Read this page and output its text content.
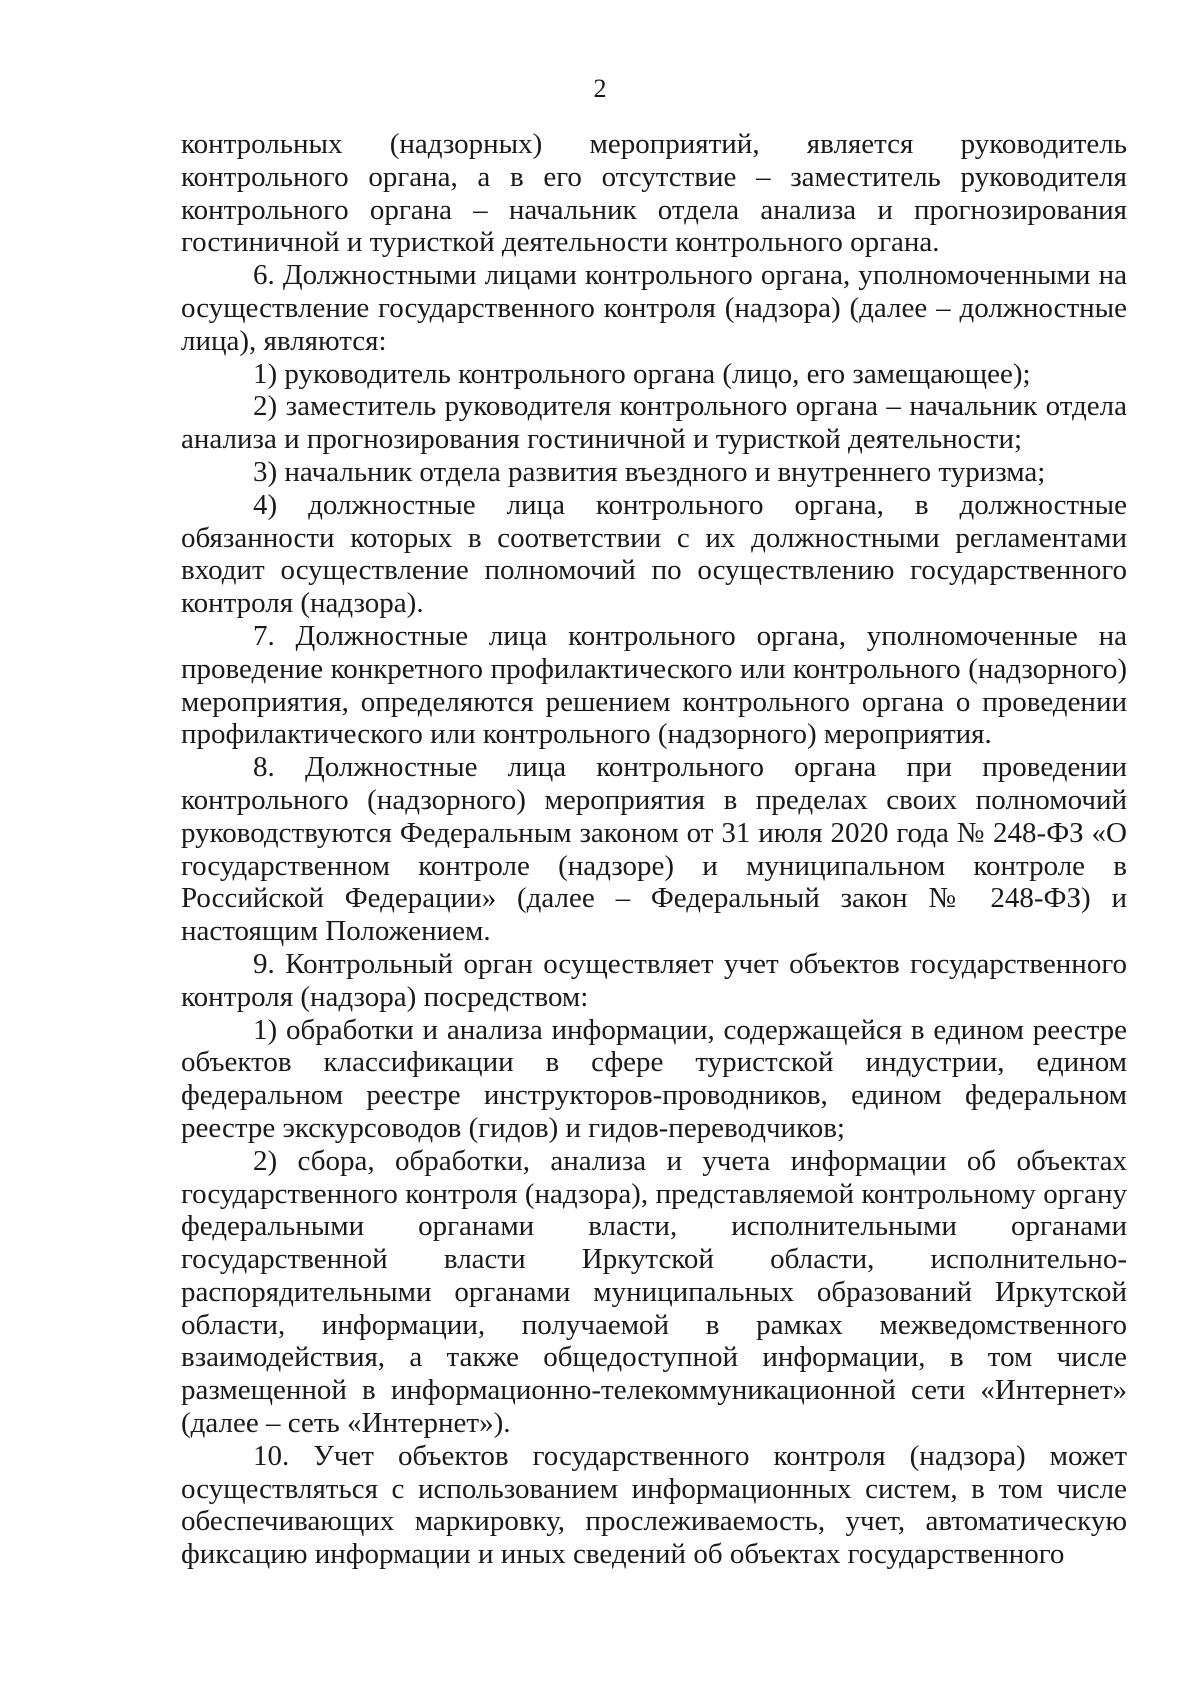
2

контрольных (надзорных) мероприятий, является руководитель контрольного органа, а в его отсутствие – заместитель руководителя контрольного органа – начальник отдела анализа и прогнозирования гостиничной и туристкой деятельности контрольного органа.

6. Должностными лицами контрольного органа, уполномоченными на осуществление государственного контроля (надзора) (далее – должностные лица), являются:

1) руководитель контрольного органа (лицо, его замещающее);

2) заместитель руководителя контрольного органа – начальник отдела анализа и прогнозирования гостиничной и туристкой деятельности;

3) начальник отдела развития въездного и внутреннего туризма;

4) должностные лица контрольного органа, в должностные обязанности которых в соответствии с их должностными регламентами входит осуществление полномочий по осуществлению государственного контроля (надзора).

7. Должностные лица контрольного органа, уполномоченные на проведение конкретного профилактического или контрольного (надзорного) мероприятия, определяются решением контрольного органа о проведении профилактического или контрольного (надзорного) мероприятия.

8. Должностные лица контрольного органа при проведении контрольного (надзорного) мероприятия в пределах своих полномочий руководствуются Федеральным законом от 31 июля 2020 года № 248-ФЗ «О государственном контроле (надзоре) и муниципальном контроле в Российской Федерации» (далее – Федеральный закон № 248-ФЗ) и настоящим Положением.

9. Контрольный орган осуществляет учет объектов государственного контроля (надзора) посредством:

1) обработки и анализа информации, содержащейся в едином реестре объектов классификации в сфере туристской индустрии, едином федеральном реестре инструкторов-проводников, едином федеральном реестре экскурсоводов (гидов) и гидов-переводчиков;

2) сбора, обработки, анализа и учета информации об объектах государственного контроля (надзора), представляемой контрольному органу федеральными органами власти, исполнительными органами государственной власти Иркутской области, исполнительно-распорядительными органами муниципальных образований Иркутской области, информации, получаемой в рамках межведомственного взаимодействия, а также общедоступной информации, в том числе размещенной в информационно-телекоммуникационной сети «Интернет» (далее – сеть «Интернет»).

10. Учет объектов государственного контроля (надзора) может осуществляться с использованием информационных систем, в том числе обеспечивающих маркировку, прослеживаемость, учет, автоматическую фиксацию информации и иных сведений об объектах государственного
